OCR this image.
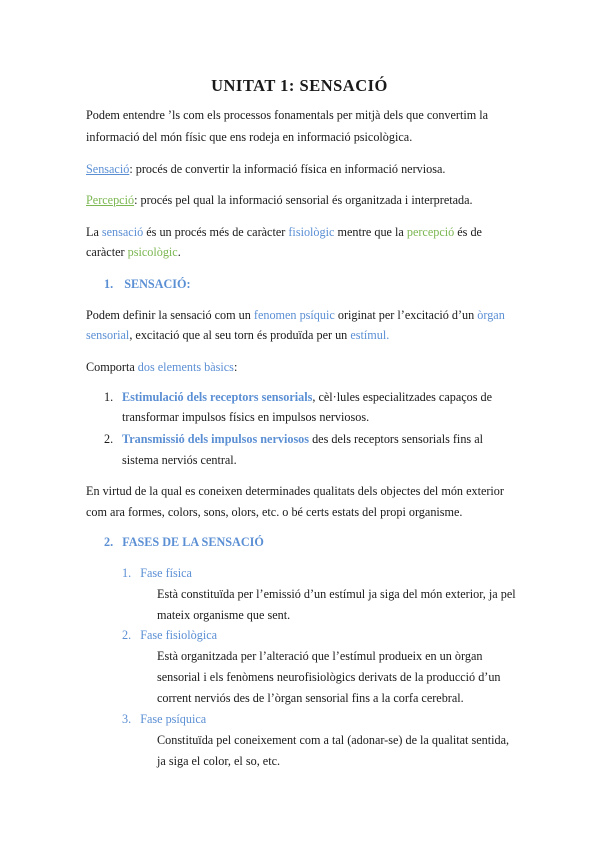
UNITAT 1: SENSACIÓ
Podem entendre ’ls com els processos fonamentals per mitjà dels que convertim la
informació del món físic que ens rodeja en informació psicològica.
Sensació: procés de convertir la informació física en informació nerviosa.
Percepció: procés pel qual la informació sensorial és organitzada i interpretada.
La sensació és un procés més de caràcter fisiològic mentre que la percepció és de
caràcter psicològic.
1. SENSACIÓ:
Podem definir la sensació com un fenomen psíquic originat per l’excitació d’un òrgan
sensorial, excitació que al seu torn és produïda per un estímul.
Comporta dos elements bàsics:
1. Estimulació dels receptors sensorials, cèl·lules especialitzades capaços de
transformar impulsos físics en impulsos nerviosos.
2. Transmissió dels impulsos nerviosos des dels receptors sensorials fins al
sistema nerviós central.
En virtud de la qual es coneixen determinades qualitats dels objectes del món exterior
com ara formes, colors, sons, olors, etc. o bé certs estats del propi organisme.
2. FASES DE LA SENSACIÓ
1. Fase física
Està constituïda per l’emissió d’un estímul ja siga del món exterior, ja pel
mateix organisme que sent.
2. Fase fisiològica
Està organitzada per l’alteració que l’estímul produeix en un òrgan
sensorial i els fenòmens neurofisiològics derivats de la producció d’un
corrent nerviós des de l’òrgan sensorial fins a la corfa cerebral.
3. Fase psíquica
Constituïda pel coneixement com a tal (adonar-se) de la qualitat sentida,
ja siga el color, el so, etc.
